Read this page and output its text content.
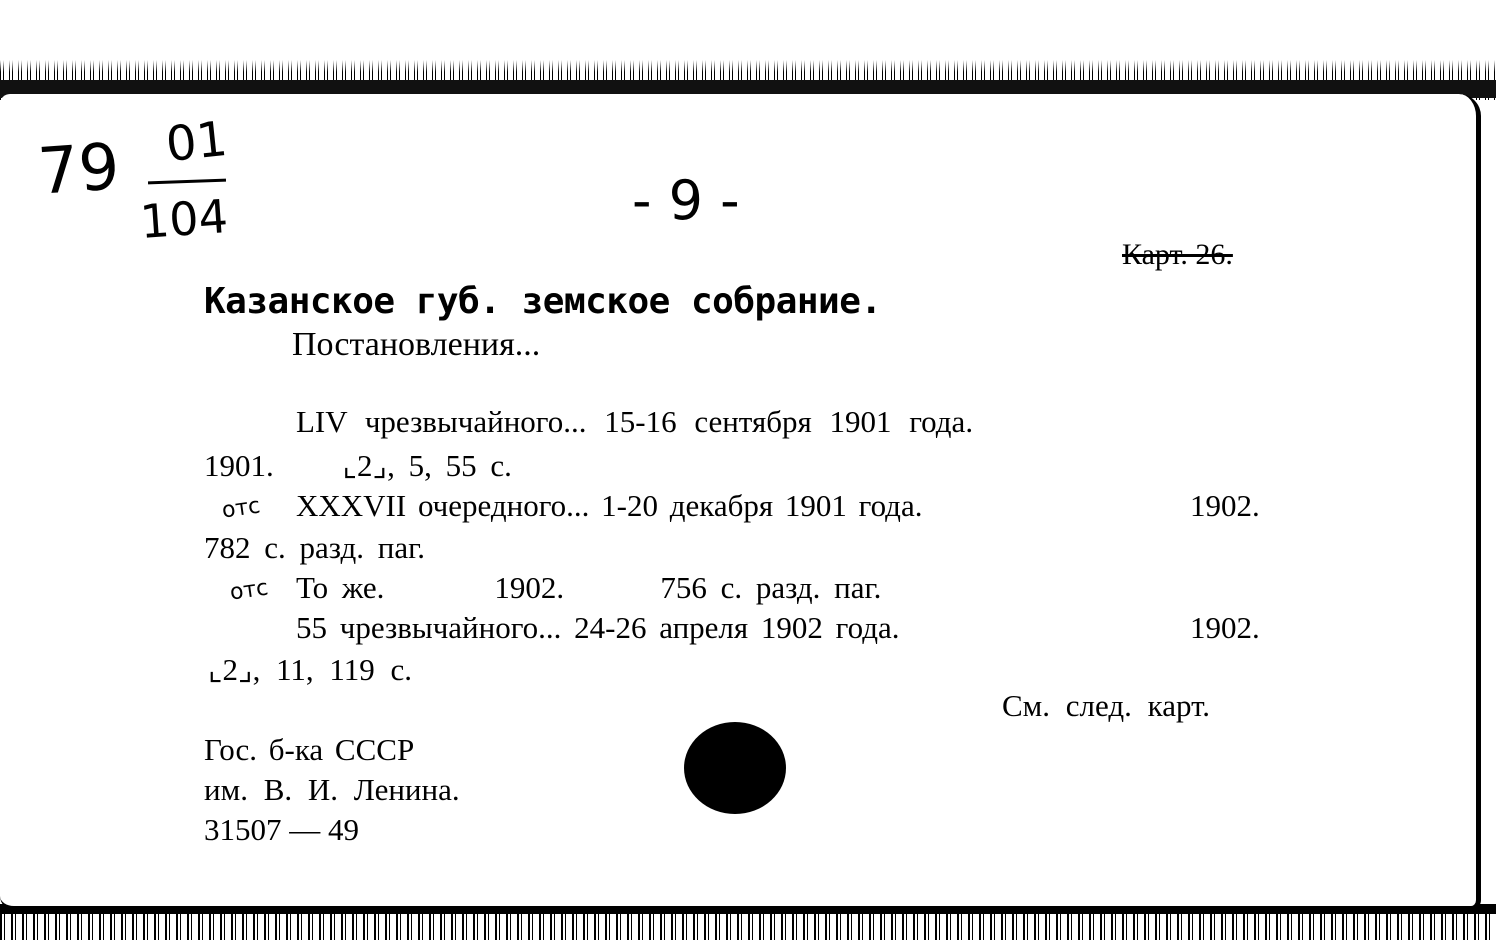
79 01
104	- 9 -
Карт. 26.
Казанское губ. земское собрание.
Постановления...
LIV чрезвычайного... 15-16 сентября 1901 года.
1901.     ⌞2⌟, 5, 55 с.
отс XXXVII очередного... 1-20 декабря 1901 года.	1902.
782 с. разд. паг.
отс То же.        1902.       756 с. разд. паг.
55 чрезвычайного... 24-26 апреля 1902 года.	1902.
⌞2⌟, 11, 119 с.
См. след. карт.
Гос. б-ка СССР
им. В. И. Ленина.
31507 — 49
